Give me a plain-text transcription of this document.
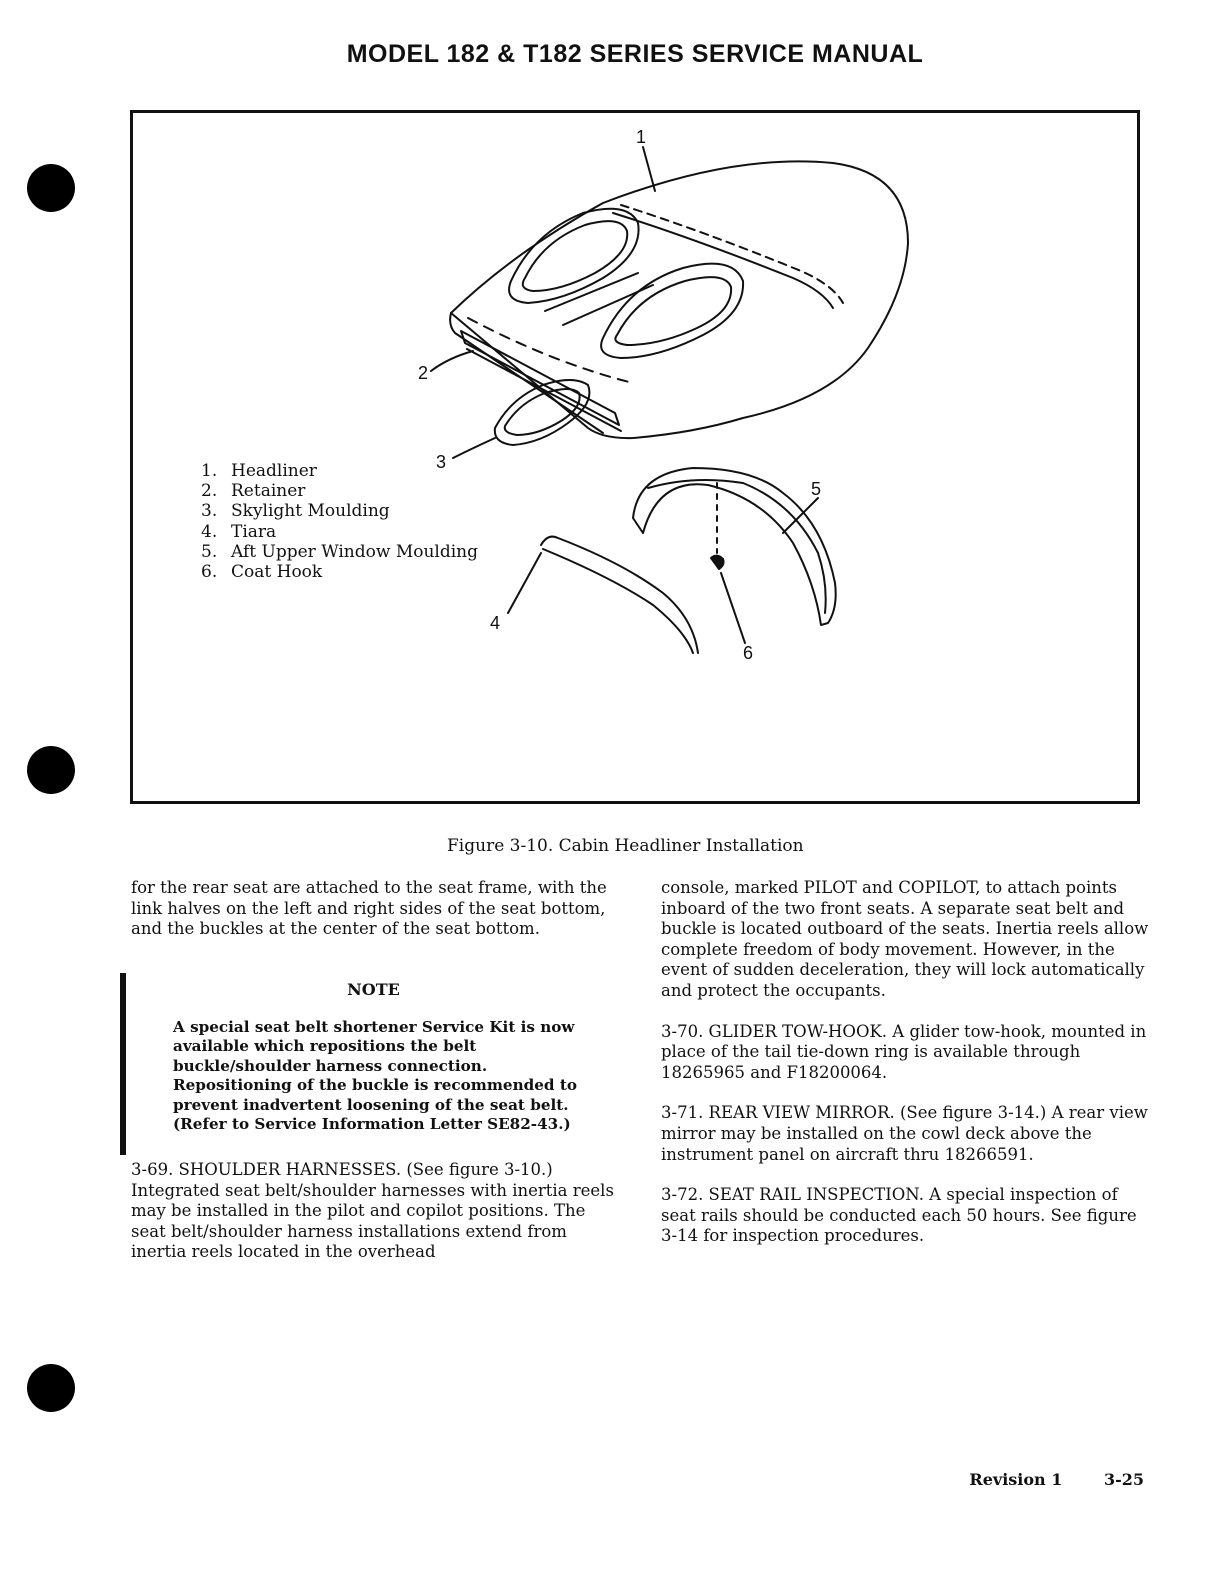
MODEL 182 & T182 SERIES SERVICE MANUAL
1
2
3
4
5
6
1. Headliner
2. Retainer
3. Skylight Moulding
4. Tiara
5. Aft Upper Window Moulding
6. Coat Hook
Figure 3-10. Cabin Headliner Installation

for the rear seat are attached to the seat frame, with the link halves on the left and right sides of the seat bottom, and the buckles at the center of the seat bottom.

NOTE
A special seat belt shortener Service Kit is now available which repositions the belt buckle/shoulder harness connection. Repositioning of the buckle is recommended to prevent inadvertent loosening of the seat belt. (Refer to Service Information Letter SE82-43.)

3-69. SHOULDER HARNESSES. (See figure 3-10.) Integrated seat belt/shoulder harnesses with inertia reels may be installed in the pilot and copilot positions. The seat belt/shoulder harness installations extend from inertia reels located in the overhead

console, marked PILOT and COPILOT, to attach points inboard of the two front seats. A separate seat belt and buckle is located outboard of the seats. Inertia reels allow complete freedom of body movement. However, in the event of sudden deceleration, they will lock automatically and protect the occupants.

3-70. GLIDER TOW-HOOK. A glider tow-hook, mounted in place of the tail tie-down ring is available through 18265965 and F18200064.

3-71. REAR VIEW MIRROR. (See figure 3-14.) A rear view mirror may be installed on the cowl deck above the instrument panel on aircraft thru 18266591.

3-72. SEAT RAIL INSPECTION. A special inspection of seat rails should be conducted each 50 hours. See figure 3-14 for inspection procedures.

Revision 1	3-25
